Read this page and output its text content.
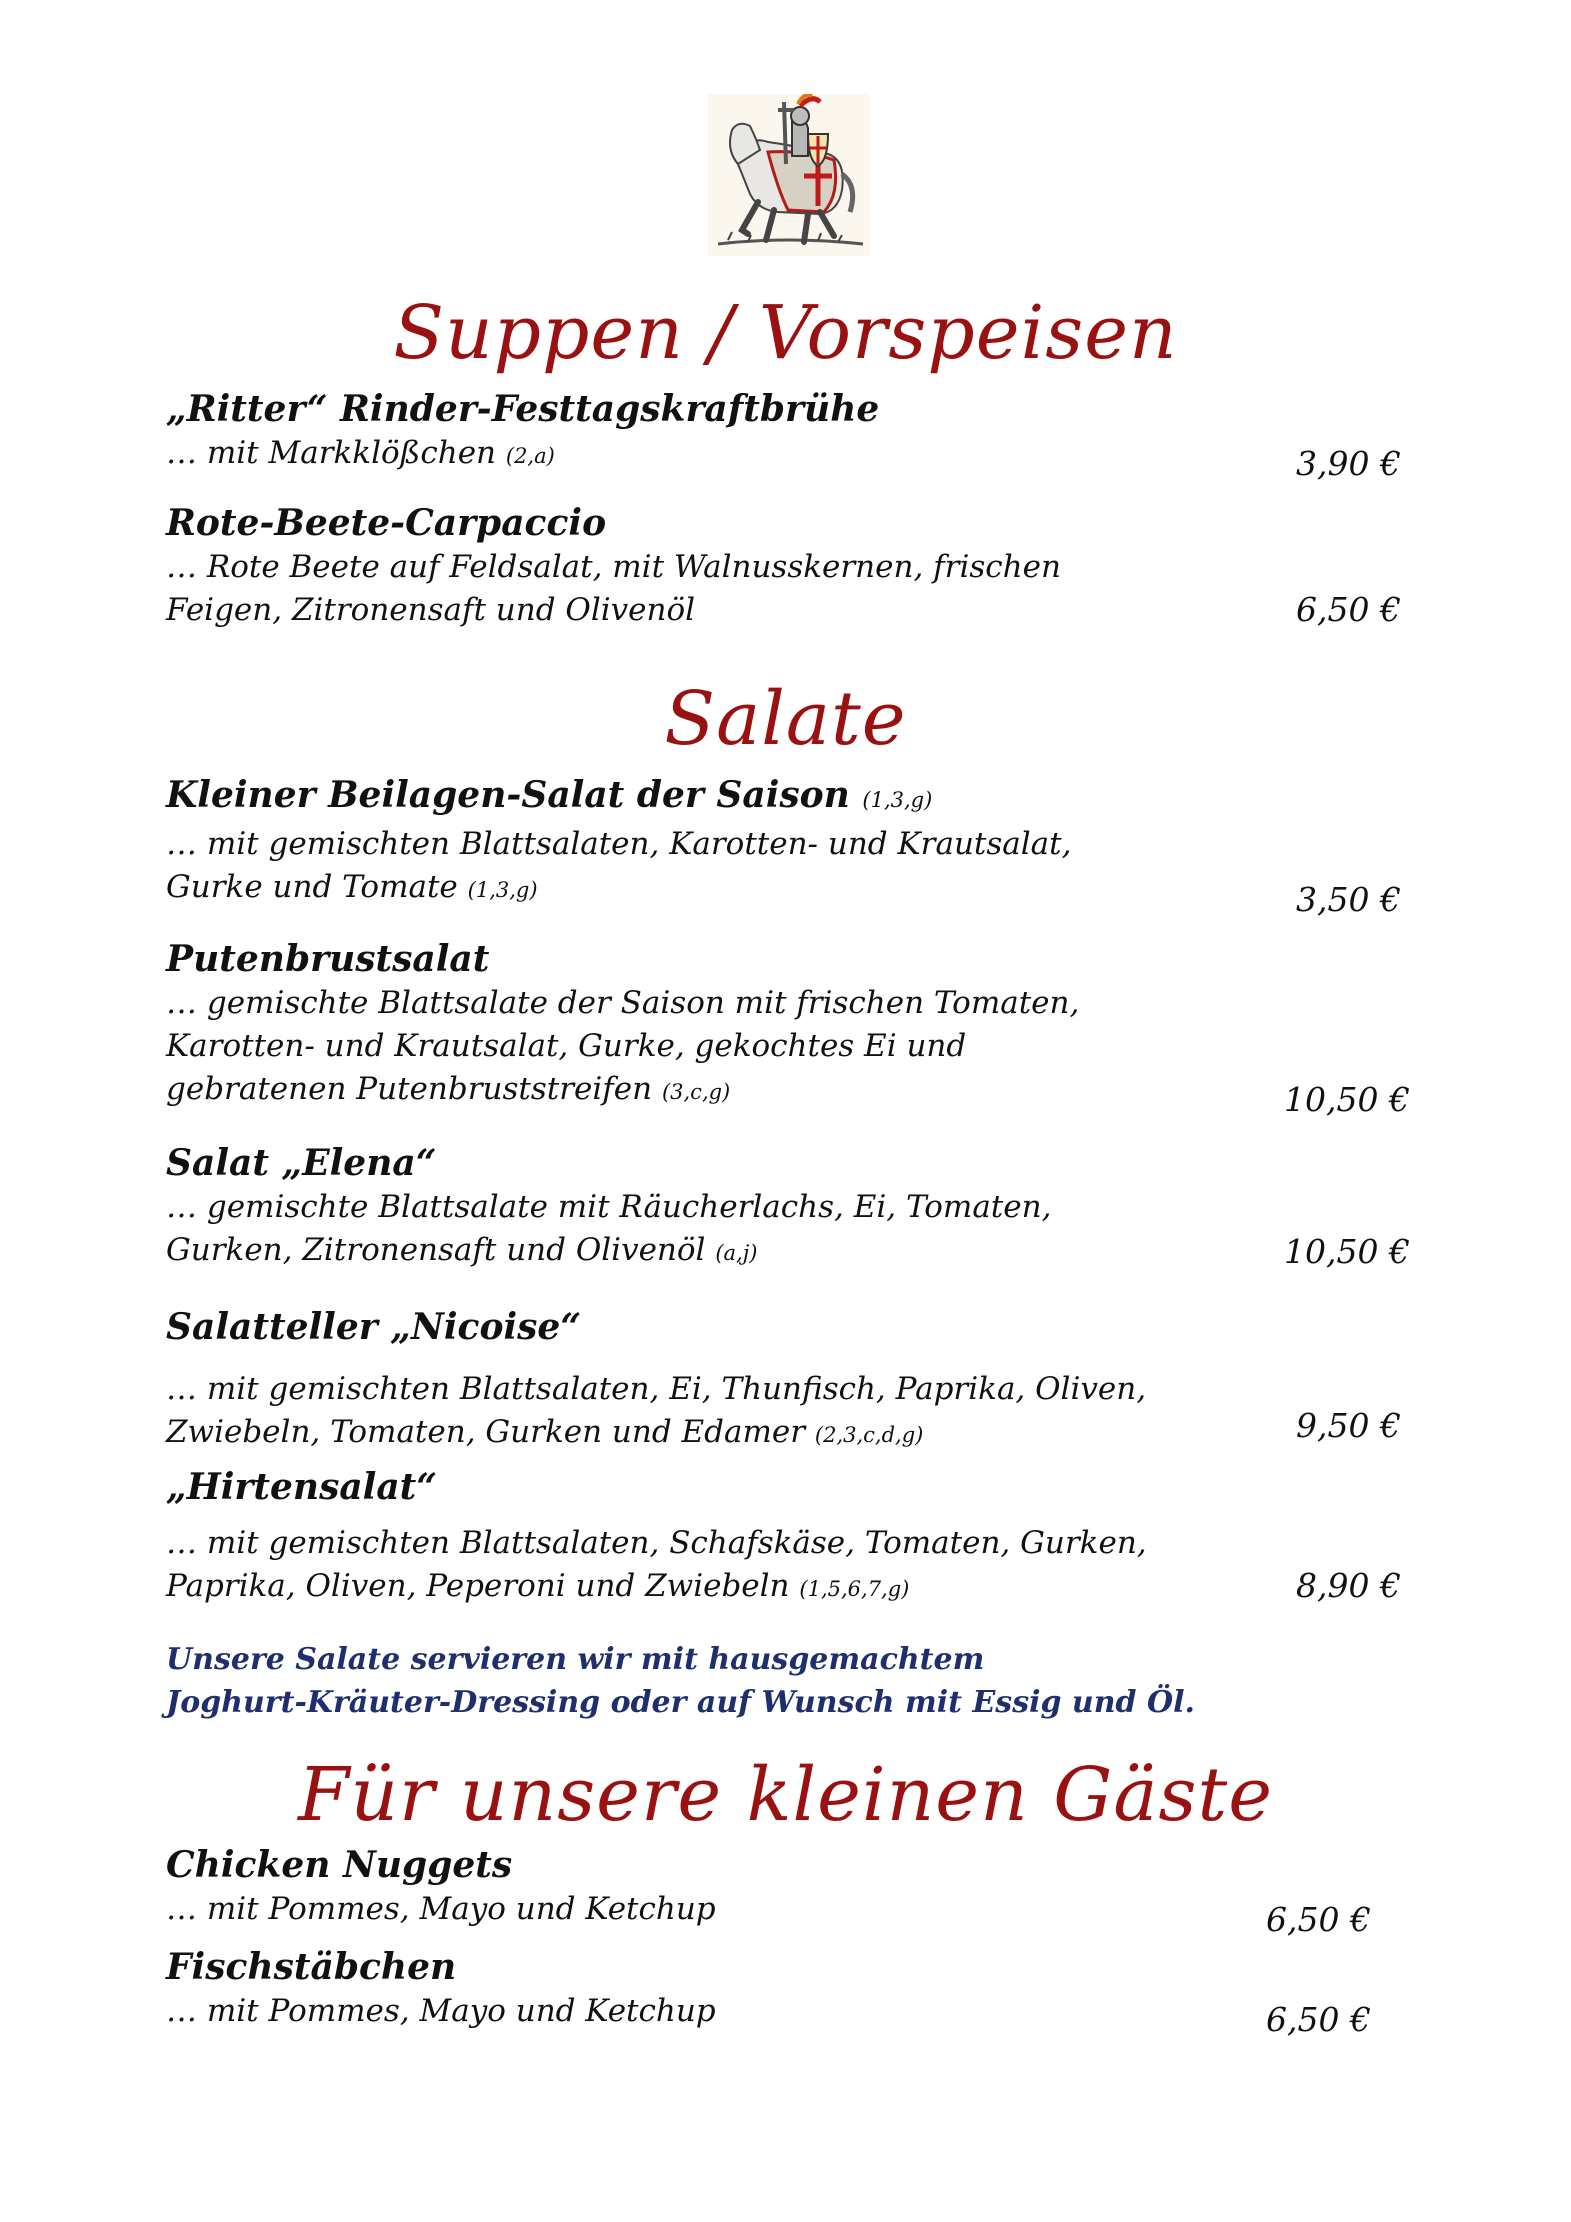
Suppen / Vorspeisen
„Ritter“ Rinder-Festtagskraftbrühe
… mit Markklößchen (2,a)	3,90 €
Rote-Beete-Carpaccio
… Rote Beete auf Feldsalat, mit Walnusskernen, frischen
Feigen, Zitronensaft und Olivenöl	6,50 €
Salate
Kleiner Beilagen-Salat der Saison (1,3,g)
… mit gemischten Blattsalaten, Karotten- und Krautsalat,
Gurke und Tomate (1,3,g)	3,50 €
Putenbrustsalat
… gemischte Blattsalate der Saison mit frischen Tomaten,
Karotten- und Krautsalat, Gurke, gekochtes Ei und
gebratenen Putenbruststreifen (3,c,g)	10,50 €
Salat „Elena“
… gemischte Blattsalate mit Räucherlachs, Ei, Tomaten,
Gurken, Zitronensaft und Olivenöl (a,j)	10,50 €
Salatteller „Nicoise“
… mit gemischten Blattsalaten, Ei, Thunfisch, Paprika, Oliven,
Zwiebeln, Tomaten, Gurken und Edamer (2,3,c,d,g)	9,50 €
„Hirtensalat“
… mit gemischten Blattsalaten, Schafskäse, Tomaten, Gurken,
Paprika, Oliven, Peperoni und Zwiebeln (1,5,6,7,g)	8,90 €
Unsere Salate servieren wir mit hausgemachtem
Joghurt-Kräuter-Dressing oder auf Wunsch mit Essig und Öl.
Für unsere kleinen Gäste
Chicken Nuggets
… mit Pommes, Mayo und Ketchup	6,50 €
Fischstäbchen
… mit Pommes, Mayo und Ketchup	6,50 €
